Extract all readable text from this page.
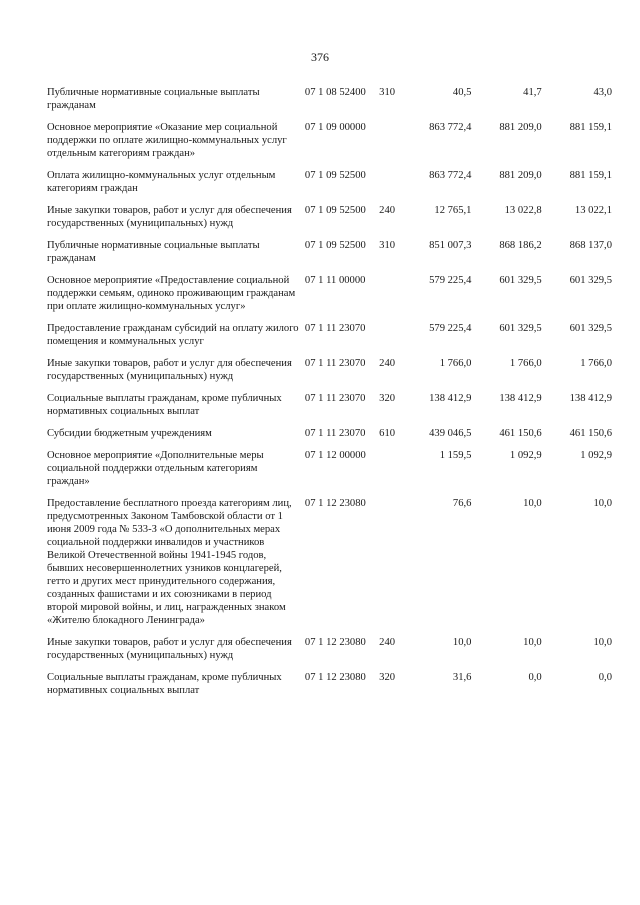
376
Публичные нормативные социальные выплаты гражданам	07 1 08 52400	310	40,5	41,7	43,0
Основное мероприятие «Оказание мер социальной поддержки по оплате жилищно-коммунальных услуг отдельным категориям граждан»	07 1 09 00000		863 772,4	881 209,0	881 159,1
Оплата жилищно-коммунальных услуг отдельным категориям граждан	07 1 09 52500		863 772,4	881 209,0	881 159,1
Иные закупки товаров, работ и услуг для обеспечения государственных (муниципальных) нужд	07 1 09 52500	240	12 765,1	13 022,8	13 022,1
Публичные нормативные социальные выплаты гражданам	07 1 09 52500	310	851 007,3	868 186,2	868 137,0
Основное мероприятие «Предоставление социальной поддержки семьям, одиноко проживающим гражданам при оплате жилищно-коммунальных услуг»	07 1 11 00000		579 225,4	601 329,5	601 329,5
Предоставление гражданам субсидий на оплату жилого помещения и коммунальных услуг	07 1 11 23070		579 225,4	601 329,5	601 329,5
Иные закупки товаров, работ и услуг для обеспечения государственных (муниципальных) нужд	07 1 11 23070	240	1 766,0	1 766,0	1 766,0
Социальные выплаты гражданам, кроме публичных нормативных социальных выплат	07 1 11 23070	320	138 412,9	138 412,9	138 412,9
Субсидии бюджетным учреждениям	07 1 11 23070	610	439 046,5	461 150,6	461 150,6
Основное мероприятие «Дополнительные меры социальной поддержки отдельным категориям граждан»	07 1 12 00000		1 159,5	1 092,9	1 092,9
Предоставление бесплатного проезда категориям лиц, предусмотренных Законом Тамбовской области от 1 июня 2009 года № 533-З «О дополнительных мерах социальной поддержки инвалидов и участников Великой Отечественной войны 1941-1945 годов, бывших несовершеннолетних узников концлагерей, гетто и других мест принудительного содержания, созданных фашистами и их союзниками в период второй мировой войны, и лиц, награжденных знаком «Жителю блокадного Ленинграда»	07 1 12 23080		76,6	10,0	10,0
Иные закупки товаров, работ и услуг для обеспечения государственных (муниципальных) нужд	07 1 12 23080	240	10,0	10,0	10,0
Социальные выплаты гражданам, кроме публичных нормативных социальных выплат	07 1 12 23080	320	31,6	0,0	0,0
